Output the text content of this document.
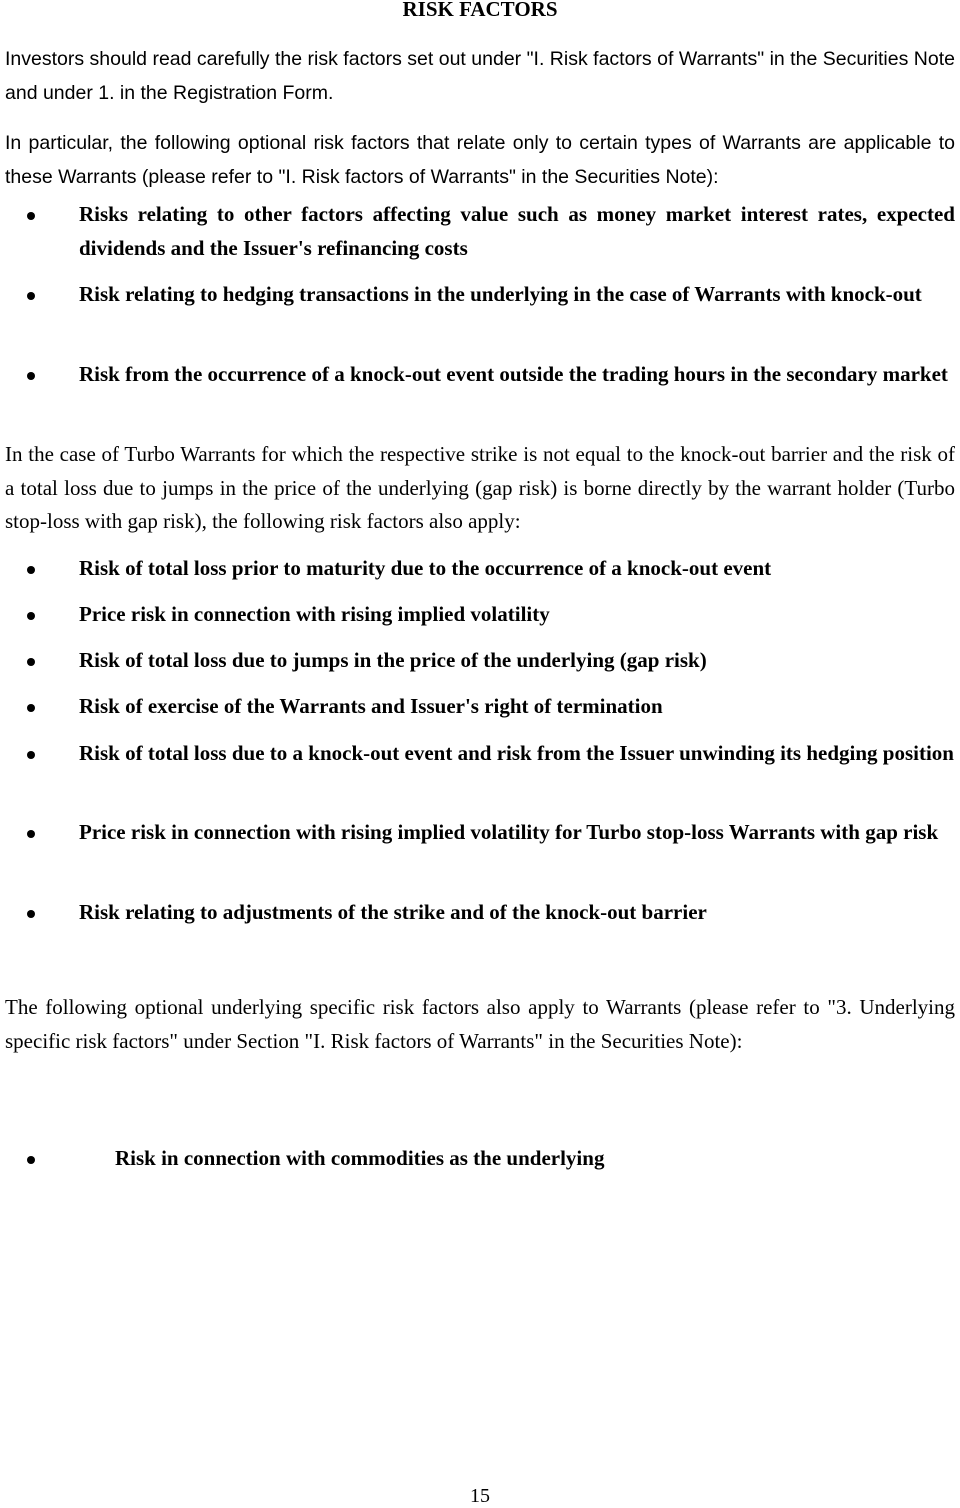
RISK FACTORS

Investors should read carefully the risk factors set out under "I. Risk factors of Warrants" in the Securities Note and under 1. in the Registration Form.

In particular, the following optional risk factors that relate only to certain types of Warrants are applicable to these Warrants (please refer to "I. Risk factors of Warrants" in the Securities Note):

Risks relating to other factors affecting value such as money market interest rates, expected dividends and the Issuer's refinancing costs
Risk relating to hedging transactions in the underlying in the case of Warrants with knock-out
Risk from the occurrence of a knock-out event outside the trading hours in the secondary market

In the case of Turbo Warrants for which the respective strike is not equal to the knock-out barrier and the risk of a total loss due to jumps in the price of the underlying (gap risk) is borne directly by the warrant holder (Turbo stop-loss with gap risk), the following risk factors also apply:

Risk of total loss prior to maturity due to the occurrence of a knock-out event
Price risk in connection with rising implied volatility
Risk of total loss due to jumps in the price of the underlying (gap risk)
Risk of exercise of the Warrants and Issuer's right of termination
Risk of total loss due to a knock-out event and risk from the Issuer unwinding its hedging position
Price risk in connection with rising implied volatility for Turbo stop-loss Warrants with gap risk
Risk relating to adjustments of the strike and of the knock-out barrier

The following optional underlying specific risk factors also apply to Warrants (please refer to "3. Underlying specific risk factors" under Section "I. Risk factors of Warrants" in the Securities Note):

Risk in connection with commodities as the underlying

15
